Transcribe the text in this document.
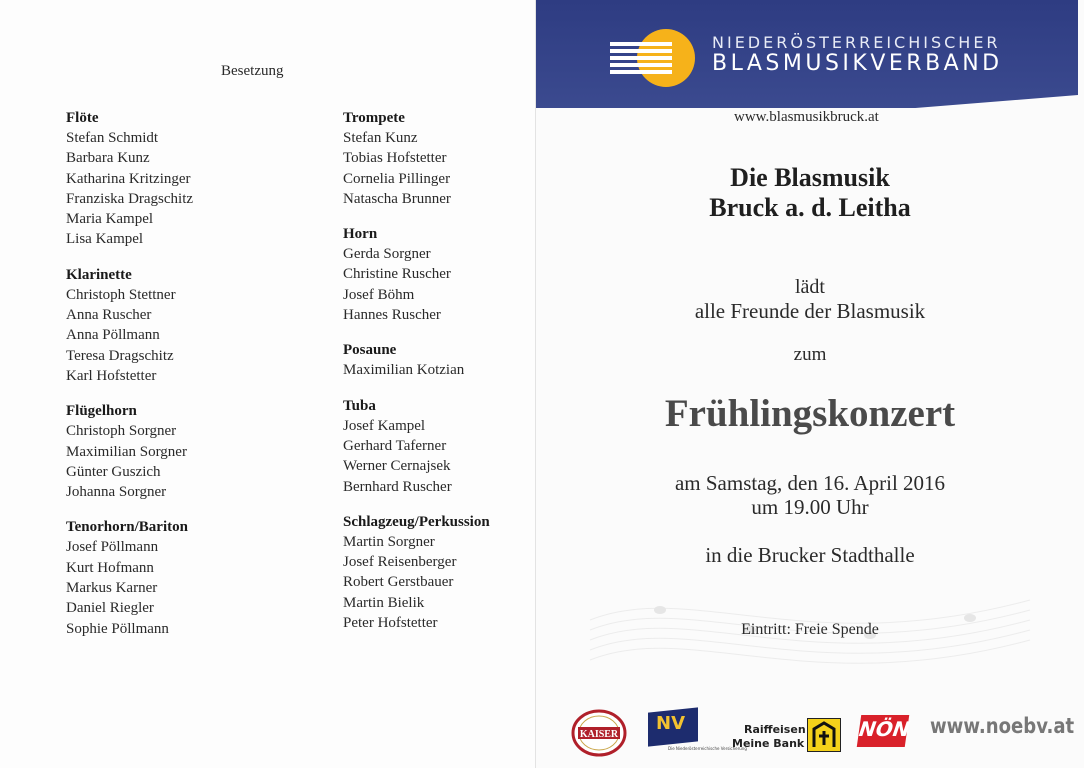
Besetzung
Flöte
Stefan Schmidt
Barbara Kunz
Katharina Kritzinger
Franziska Dragschitz
Maria Kampel
Lisa Kampel
Klarinette
Christoph Stettner
Anna Ruscher
Anna Pöllmann
Teresa Dragschitz
Karl Hofstetter
Flügelhorn
Christoph Sorgner
Maximilian Sorgner
Günter Guszich
Johanna Sorgner
Tenorhorn/Bariton
Josef Pöllmann
Kurt Hofmann
Markus Karner
Daniel Riegler
Sophie Pöllmann
Trompete
Stefan Kunz
Tobias Hofstetter
Cornelia Pillinger
Natascha Brunner
Horn
Gerda Sorgner
Christine Ruscher
Josef Böhm
Hannes Ruscher
Posaune
Maximilian Kotzian
Tuba
Josef Kampel
Gerhard Taferner
Werner Cernajsek
Bernhard Ruscher
Schlagzeug/Perkussion
Martin Sorgner
Josef Reisenberger
Robert Gerstbauer
Martin Bielik
Peter Hofstetter
NIEDERÖSTERREICHISCHER
BLASMUSIKVERBAND
www.blasmusikbruck.at
Die Blasmusik
Bruck a. d. Leitha
lädt
alle Freunde der Blasmusik
zum
Frühlingskonzert
am Samstag, den 16. April 2016
um 19.00 Uhr
in die Brucker Stadthalle
Eintritt: Freie Spende
KAISER
NV
Die Niederösterreichische Versicherung
Raiffeisen
Meine Bank
NÖN www.noebv.at
